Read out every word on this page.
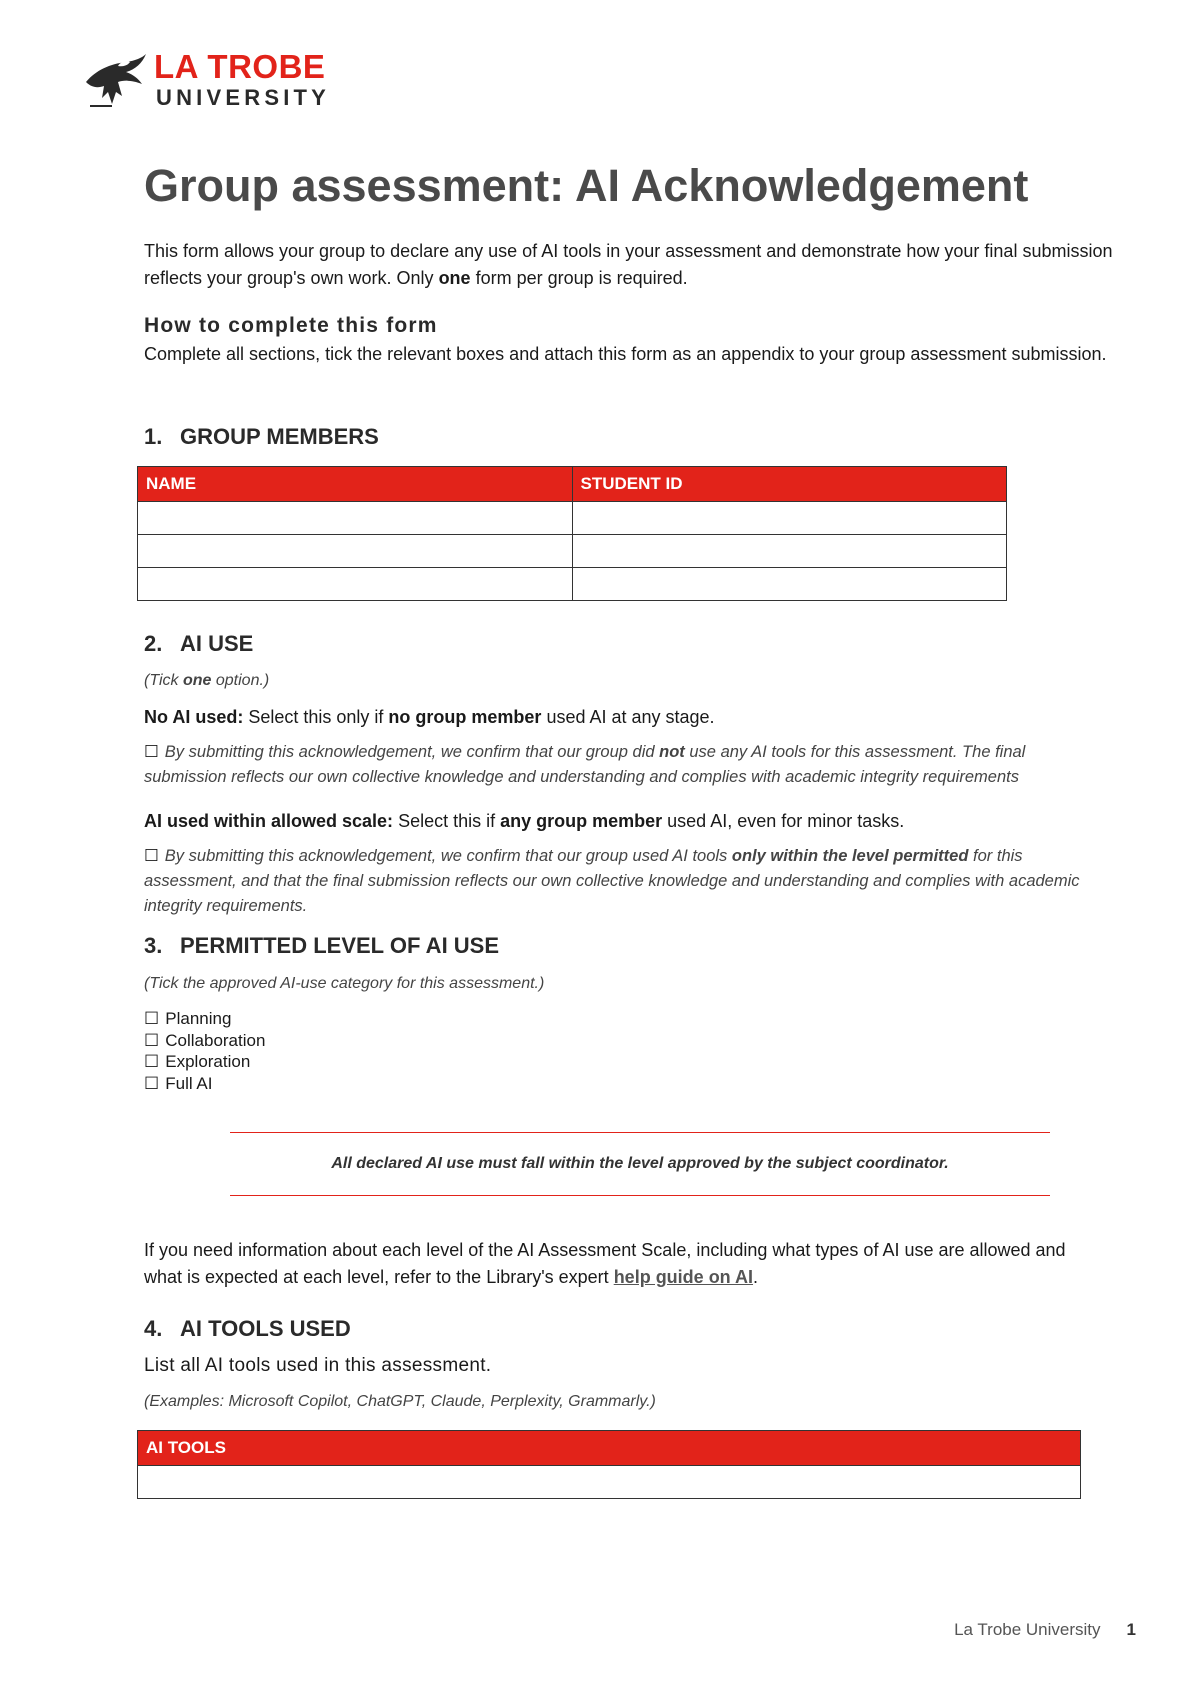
LA TROBE
UNIVERSITY
Group assessment: AI Acknowledgement
This form allows your group to declare any use of AI tools in your assessment and demonstrate how your final submission reflects your group's own work. Only one form per group is required.
How to complete this form
Complete all sections, tick the relevant boxes and attach this form as an appendix to your group assessment submission.
1. GROUP MEMBERS
NAME	STUDENT ID

2. AI USE
(Tick one option.)
No AI used: Select this only if no group member used AI at any stage.
☐ By submitting this acknowledgement, we confirm that our group did not use any AI tools for this assessment. The final submission reflects our own collective knowledge and understanding and complies with academic integrity requirements
AI used within allowed scale: Select this if any group member used AI, even for minor tasks.
☐ By submitting this acknowledgement, we confirm that our group used AI tools only within the level permitted for this assessment, and that the final submission reflects our own collective knowledge and understanding and complies with academic integrity requirements.
3. PERMITTED LEVEL OF AI USE
(Tick the approved AI-use category for this assessment.)
☐ Planning
☐ Collaboration
☐ Exploration
☐ Full AI
All declared AI use must fall within the level approved by the subject coordinator.
If you need information about each level of the AI Assessment Scale, including what types of AI use are allowed and what is expected at each level, refer to the Library's expert help guide on AI.
4. AI TOOLS USED
List all AI tools used in this assessment.
(Examples: Microsoft Copilot, ChatGPT, Claude, Perplexity, Grammarly.)
AI TOOLS

La Trobe University 1
